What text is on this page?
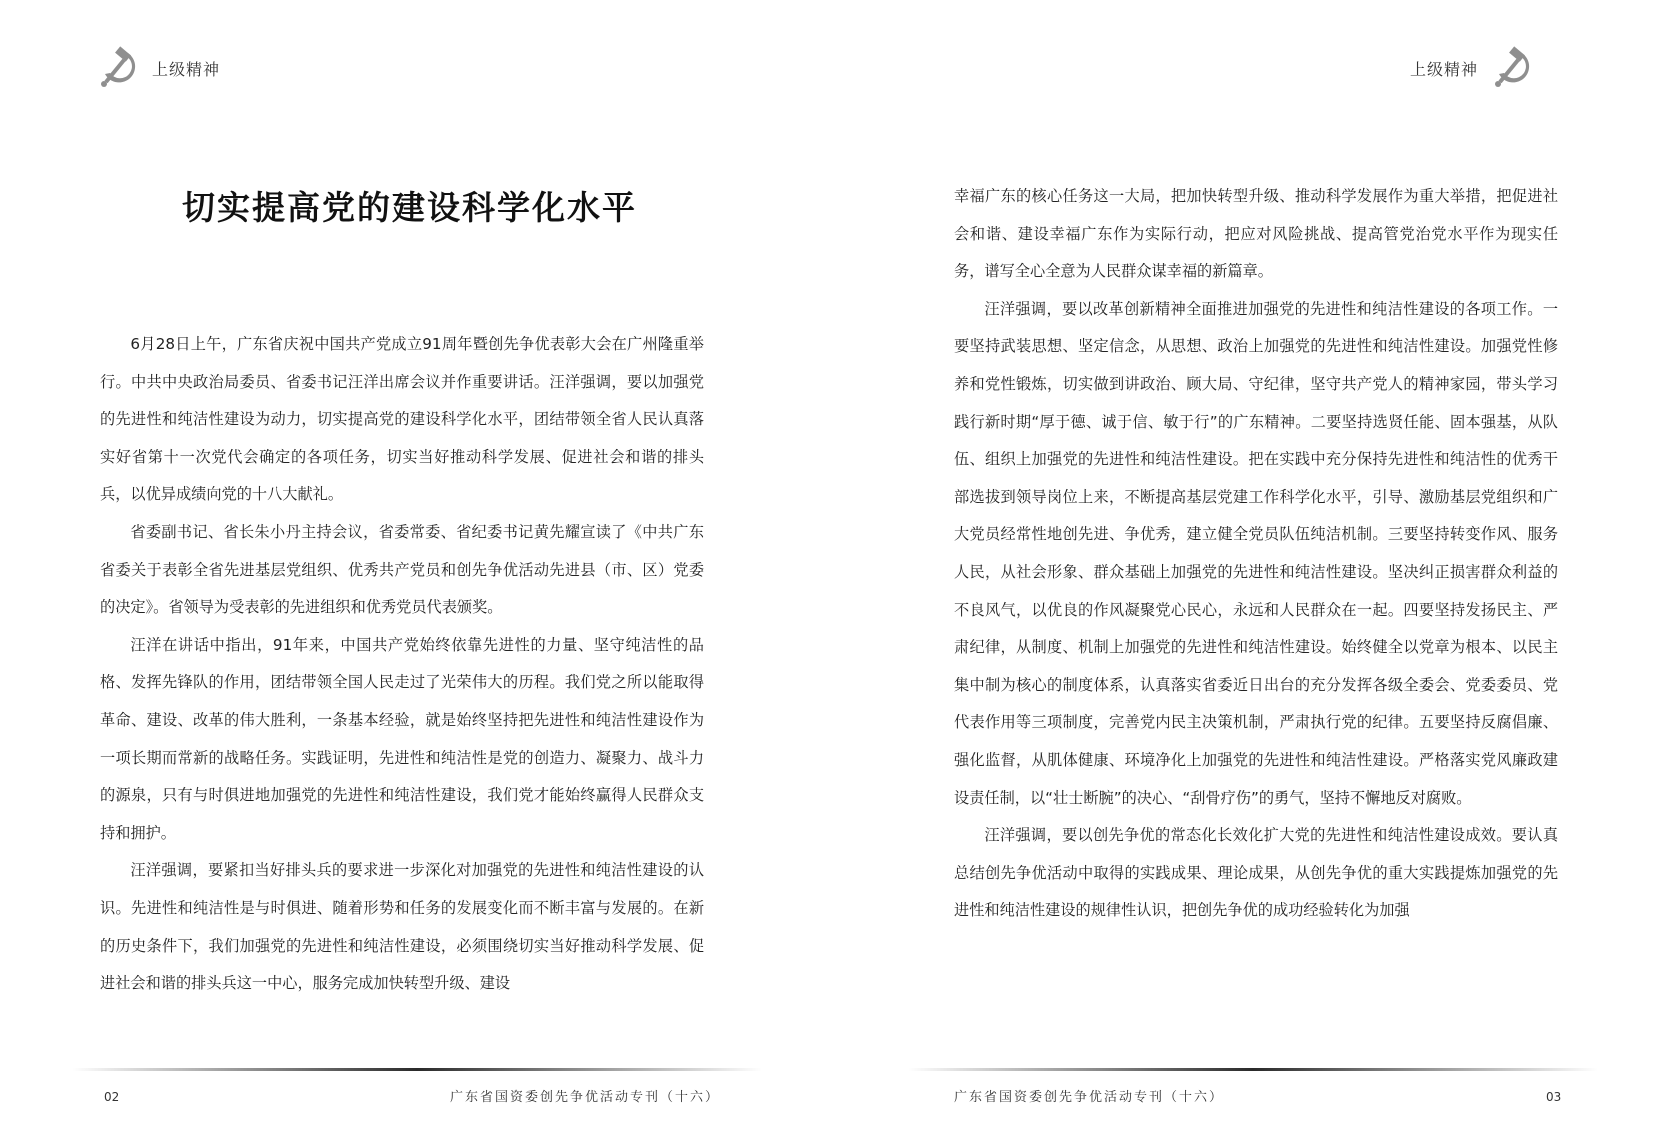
上级精神
切实提高党的建设科学化水平

6月28日上午，广东省庆祝中国共产党成立91周年暨创先争优表彰大会在广州隆重举行。中共中央政治局委员、省委书记汪洋出席会议并作重要讲话。汪洋强调，要以加强党的先进性和纯洁性建设为动力，切实提高党的建设科学化水平，团结带领全省人民认真落实好省第十一次党代会确定的各项任务，切实当好推动科学发展、促进社会和谐的排头兵，以优异成绩向党的十八大献礼。

省委副书记、省长朱小丹主持会议，省委常委、省纪委书记黄先耀宣读了《中共广东省委关于表彰全省先进基层党组织、优秀共产党员和创先争优活动先进县（市、区）党委的决定》。省领导为受表彰的先进组织和优秀党员代表颁奖。

汪洋在讲话中指出，91年来，中国共产党始终依靠先进性的力量、坚守纯洁性的品格、发挥先锋队的作用，团结带领全国人民走过了光荣伟大的历程。我们党之所以能取得革命、建设、改革的伟大胜利，一条基本经验，就是始终坚持把先进性和纯洁性建设作为一项长期而常新的战略任务。实践证明，先进性和纯洁性是党的创造力、凝聚力、战斗力的源泉，只有与时俱进地加强党的先进性和纯洁性建设，我们党才能始终赢得人民群众支持和拥护。

汪洋强调，要紧扣当好排头兵的要求进一步深化对加强党的先进性和纯洁性建设的认识。先进性和纯洁性是与时俱进、随着形势和任务的发展变化而不断丰富与发展的。在新的历史条件下，我们加强党的先进性和纯洁性建设，必须围绕切实当好推动科学发展、促进社会和谐的排头兵这一中心，服务完成加快转型升级、建设

02	广东省国资委创先争优活动专刊（十六）
上级精神

幸福广东的核心任务这一大局，把加快转型升级、推动科学发展作为重大举措，把促进社会和谐、建设幸福广东作为实际行动，把应对风险挑战、提高管党治党水平作为现实任务，谱写全心全意为人民群众谋幸福的新篇章。

汪洋强调，要以改革创新精神全面推进加强党的先进性和纯洁性建设的各项工作。一要坚持武装思想、坚定信念，从思想、政治上加强党的先进性和纯洁性建设。加强党性修养和党性锻炼，切实做到讲政治、顾大局、守纪律，坚守共产党人的精神家园，带头学习践行新时期“厚于德、诚于信、敏于行”的广东精神。二要坚持选贤任能、固本强基，从队伍、组织上加强党的先进性和纯洁性建设。把在实践中充分保持先进性和纯洁性的优秀干部选拔到领导岗位上来，不断提高基层党建工作科学化水平，引导、激励基层党组织和广大党员经常性地创先进、争优秀，建立健全党员队伍纯洁机制。三要坚持转变作风、服务人民，从社会形象、群众基础上加强党的先进性和纯洁性建设。坚决纠正损害群众利益的不良风气，以优良的作风凝聚党心民心，永远和人民群众在一起。四要坚持发扬民主、严肃纪律，从制度、机制上加强党的先进性和纯洁性建设。始终健全以党章为根本、以民主集中制为核心的制度体系，认真落实省委近日出台的充分发挥各级全委会、党委委员、党代表作用等三项制度，完善党内民主决策机制，严肃执行党的纪律。五要坚持反腐倡廉、强化监督，从肌体健康、环境净化上加强党的先进性和纯洁性建设。严格落实党风廉政建设责任制，以“壮士断腕”的决心、“刮骨疗伤”的勇气，坚持不懈地反对腐败。

汪洋强调，要以创先争优的常态化长效化扩大党的先进性和纯洁性建设成效。要认真总结创先争优活动中取得的实践成果、理论成果，从创先争优的重大实践提炼加强党的先进性和纯洁性建设的规律性认识，把创先争优的成功经验转化为加强

广东省国资委创先争优活动专刊（十六）	03
